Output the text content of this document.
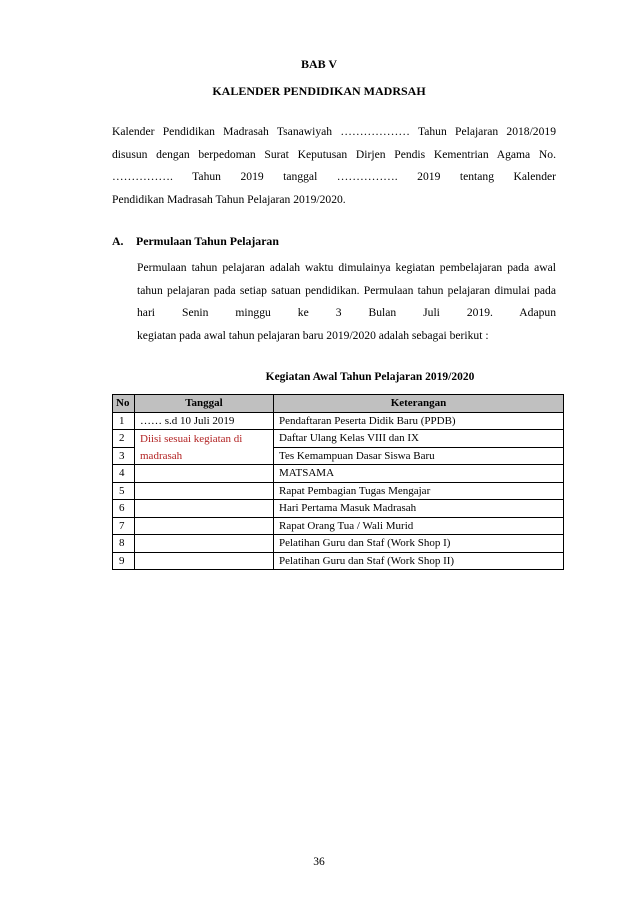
BAB V
KALENDER PENDIDIKAN MADRSAH
Kalender Pendidikan Madrasah Tsanawiyah ……………… Tahun Pelajaran 2018/2019 disusun dengan berpedoman Surat Keputusan Dirjen Pendis Kementrian Agama No. ……………. Tahun 2019 tanggal ……………. 2019 tentang Kalender
Pendidikan Madrasah Tahun Pelajaran 2019/2020.
A. Permulaan Tahun Pelajaran
Permulaan tahun pelajaran adalah waktu dimulainya kegiatan pembelajaran pada awal tahun pelajaran pada setiap satuan pendidikan. Permulaan tahun pelajaran dimulai pada hari Senin minggu ke 3 Bulan Juli 2019. Adapun
kegiatan pada awal tahun pelajaran baru 2019/2020 adalah sebagai berikut :
Kegiatan Awal Tahun Pelajaran 2019/2020
No	Tanggal	Keterangan
1	…… s.d 10 Juli 2019	Pendaftaran Peserta Didik Baru (PPDB)
2	Diisi sesuai kegiatan di	Daftar Ulang Kelas VIII dan IX
3	madrasah	Tes Kemampuan Dasar Siswa Baru
4		MATSAMA
5		Rapat Pembagian Tugas Mengajar
6		Hari Pertama Masuk Madrasah
7		Rapat Orang Tua / Wali Murid
8		Pelatihan Guru dan Staf (Work Shop I)
9		Pelatihan Guru dan Staf (Work Shop II)
36
